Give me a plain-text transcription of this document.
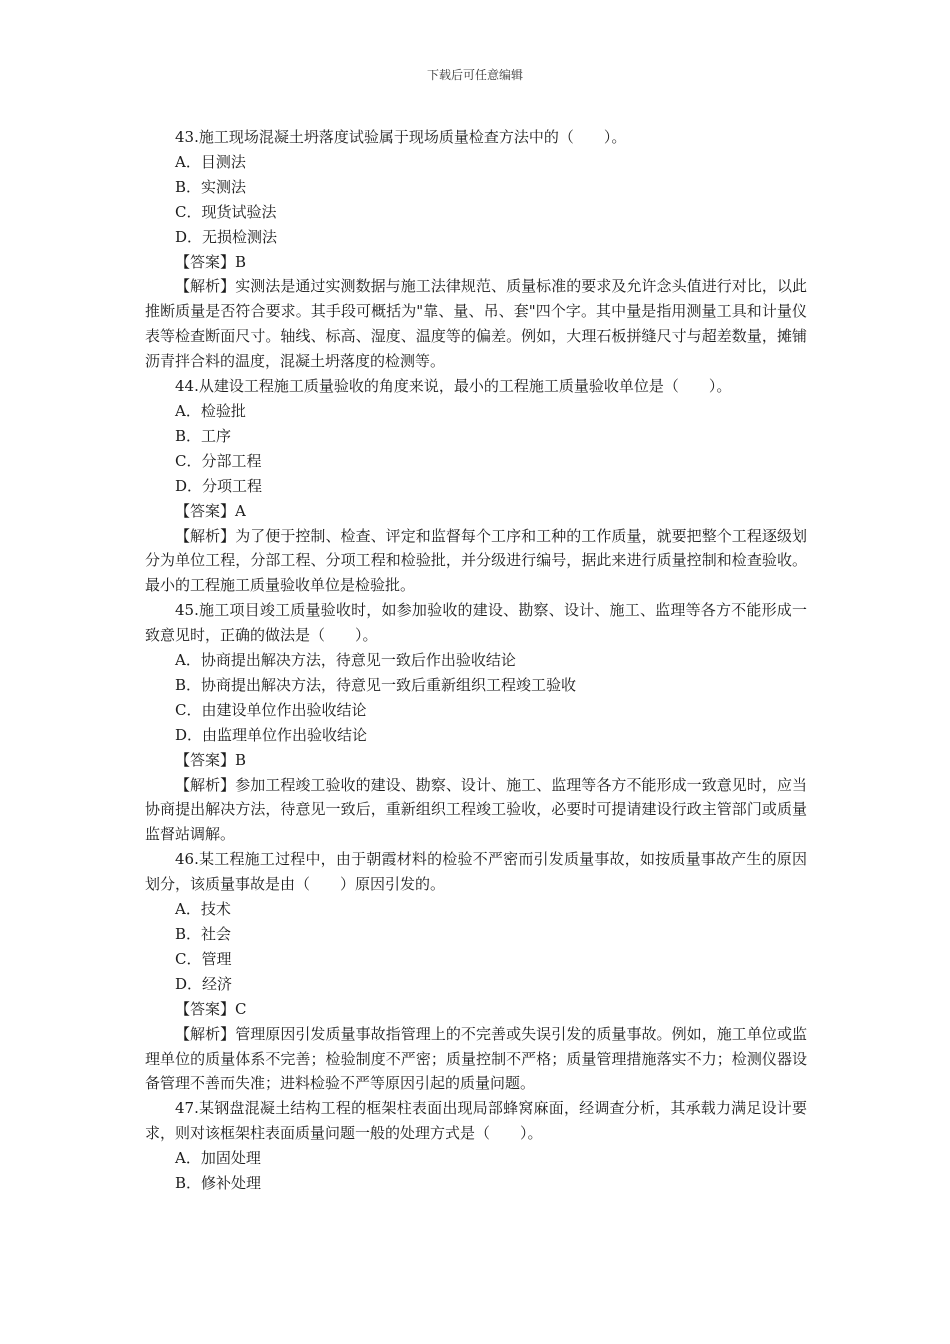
下载后可任意编辑

43.施工现场混凝土坍落度试验属于现场质量检查方法中的（　　）。

A．目测法

B．实测法

C．现货试验法

D．无损检测法

【答案】B

【解析】实测法是通过实测数据与施工法律规范、质量标准的要求及允许念头值进行对比，以此推断质量是否符合要求。其手段可概括为"靠、量、吊、套"四个字。其中量是指用测量工具和计量仪表等检查断面尺寸。轴线、标高、湿度、温度等的偏差。例如，大理石板拼缝尺寸与超差数量，摊铺沥青拌合料的温度，混凝土坍落度的检测等。

44.从建设工程施工质量验收的角度来说，最小的工程施工质量验收单位是（　　）。

A．检验批

B．工序

C．分部工程

D．分项工程

【答案】A

【解析】为了便于控制、检查、评定和监督每个工序和工种的工作质量，就要把整个工程逐级划分为单位工程，分部工程、分项工程和检验批，并分级进行编号，据此来进行质量控制和检查验收。最小的工程施工质量验收单位是检验批。

45.施工项目竣工质量验收时，如参加验收的建设、勘察、设计、施工、监理等各方不能形成一致意见时，正确的做法是（　　）。

A．协商提出解决方法，待意见一致后作出验收结论

B．协商提出解决方法，待意见一致后重新组织工程竣工验收

C．由建设单位作出验收结论

D．由监理单位作出验收结论

【答案】B

【解析】参加工程竣工验收的建设、勘察、设计、施工、监理等各方不能形成一致意见时，应当协商提出解决方法，待意见一致后，重新组织工程竣工验收，必要时可提请建设行政主管部门或质量监督站调解。

46.某工程施工过程中，由于朝霞材料的检验不严密而引发质量事故，如按质量事故产生的原因划分，该质量事故是由（　　）原因引发的。

A．技术

B．社会

C．管理

D．经济

【答案】C

【解析】管理原因引发质量事故指管理上的不完善或失误引发的质量事故。例如，施工单位或监理单位的质量体系不完善；检验制度不严密；质量控制不严格；质量管理措施落实不力；检测仪器设备管理不善而失准；进料检验不严等原因引起的质量问题。

47.某钢盘混凝土结构工程的框架柱表面出现局部蜂窝麻面，经调查分析，其承载力满足设计要求，则对该框架柱表面质量问题一般的处理方式是（　　）。

A．加固处理

B．修补处理
